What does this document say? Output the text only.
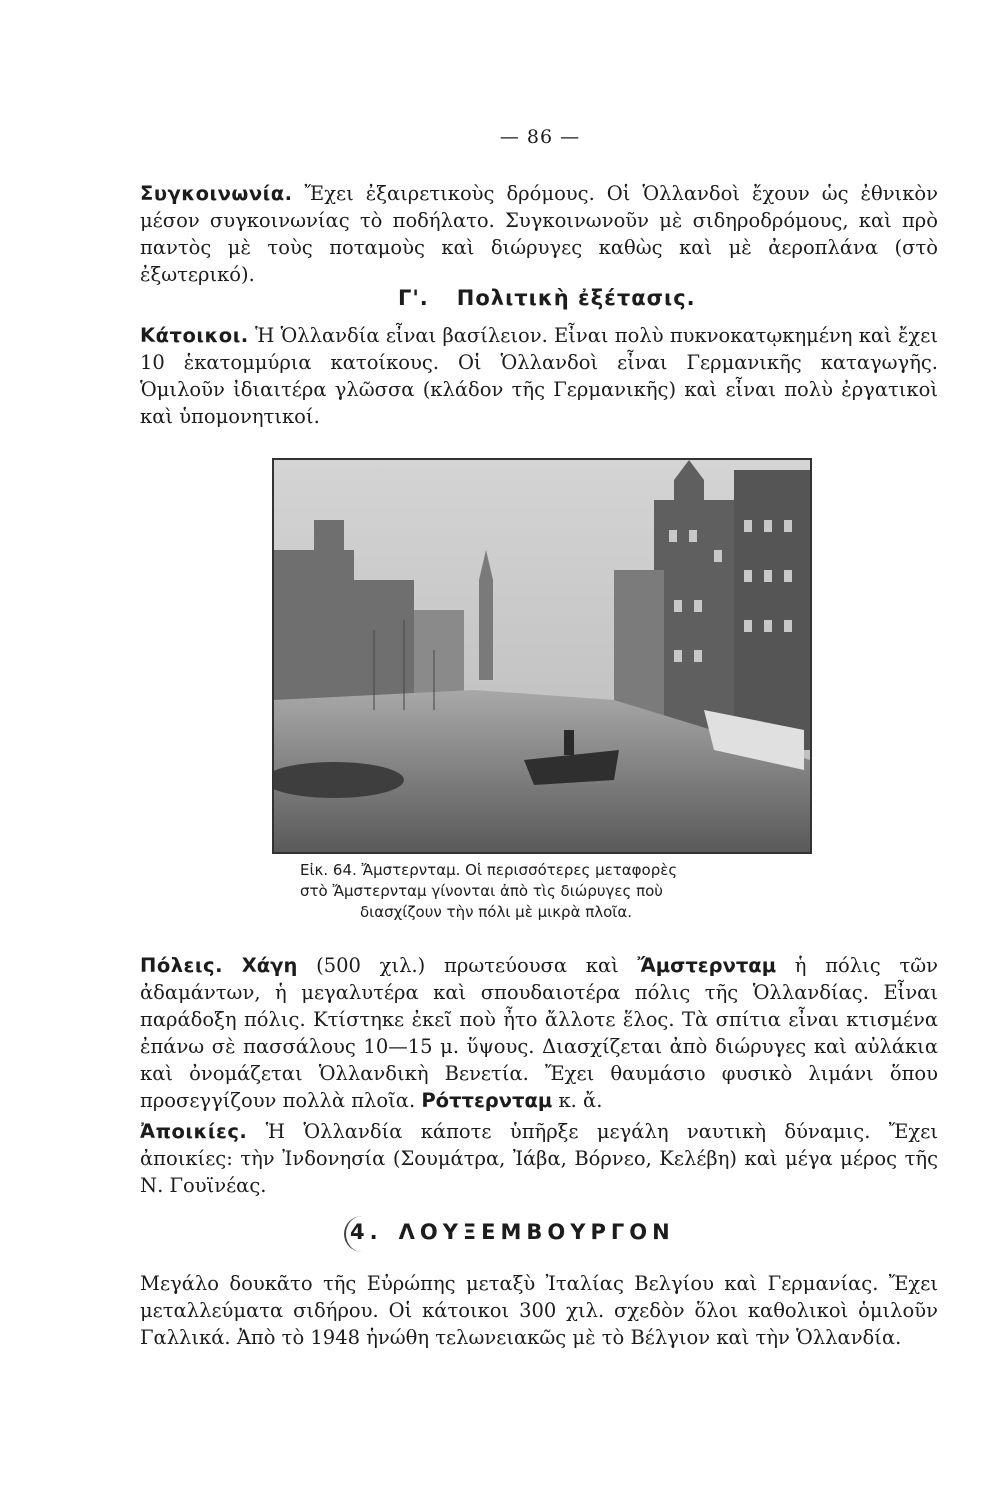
— 86 —

Συγκοινωνία. Ἔχει ἐξαιρετικοὺς δρόμους. Οἱ Ὁλλανδοὶ ἔχουν ὡς ἐθνικὸν μέσον συγκοινωνίας τὸ ποδήλατο. Συγκοινωνοῦν μὲ σιδηροδρόμους, καὶ πρὸ παντὸς μὲ τοὺς ποταμοὺς καὶ διώρυγες καθὼς καὶ μὲ ἀεροπλάνα (στὸ ἐξωτερικό).

Γ'. Πολιτικὴ ἐξέτασις.

Κάτοικοι. Ἡ Ὁλλανδία εἶναι βασίλειον. Εἶναι πολὺ πυκνοκατῳκημένη καὶ ἔχει 10 ἑκατομμύρια κατοίκους. Οἱ Ὁλλανδοὶ εἶναι Γερμανικῆς καταγωγῆς. Ὁμιλοῦν ἰδιαιτέρα γλῶσσα (κλάδον τῆς Γερμανικῆς) καὶ εἶναι πολὺ ἐργατικοὶ καὶ ὑπομονητικοί.

Εἰκ. 64. Ἄμστερνταμ. Οἱ περισσότερες μεταφορὲς
στὸ Ἄμστερνταμ γίνονται ἀπὸ τὶς διώρυγες ποὺ
διασχίζουν τὴν πόλι μὲ μικρὰ πλοῖα.

Πόλεις. Χάγη (500 χιλ.) πρωτεύουσα καὶ Ἄμστερνταμ ἡ πόλις τῶν ἀδαμάντων, ἡ μεγαλυτέρα καὶ σπουδαιοτέρα πόλις τῆς Ὁλλανδίας. Εἶναι παράδοξη πόλις. Κτίστηκε ἐκεῖ ποὺ ἦτο ἄλλοτε ἕλος. Τὰ σπίτια εἶναι κτισμένα ἐπάνω σὲ πασσάλους 10—15 μ. ὕψους. Διασχίζεται ἀπὸ διώρυγες καὶ αὐλάκια καὶ ὀνομάζεται Ὁλλανδικὴ Βενετία. Ἔχει θαυμάσιο φυσικὸ λιμάνι ὅπου προσεγγίζουν πολλὰ πλοῖα. Ρόττερνταμ κ. ἄ.

Ἀποικίες. Ἡ Ὁλλανδία κάποτε ὑπῆρξε μεγάλη ναυτικὴ δύναμις. Ἔχει ἀποικίες: τὴν Ἰνδονησία (Σουμάτρα, Ἰάβα, Βόρνεο, Κελέβη) καὶ μέγα μέρος τῆς Ν. Γουϊνέας.

4. ΛΟΥΞΕΜΒΟΥΡΓΟΝ

Μεγάλο δουκᾶτο τῆς Εὐρώπης μεταξὺ Ἰταλίας Βελγίου καὶ Γερμανίας. Ἔχει μεταλλεύματα σιδήρου. Οἱ κάτοικοι 300 χιλ. σχεδὸν ὅλοι καθολικοὶ ὁμιλοῦν Γαλλικά. Ἀπὸ τὸ 1948 ἡνώθη τελωνειακῶς μὲ τὸ Βέλγιον καὶ τὴν Ὁλλανδία.
